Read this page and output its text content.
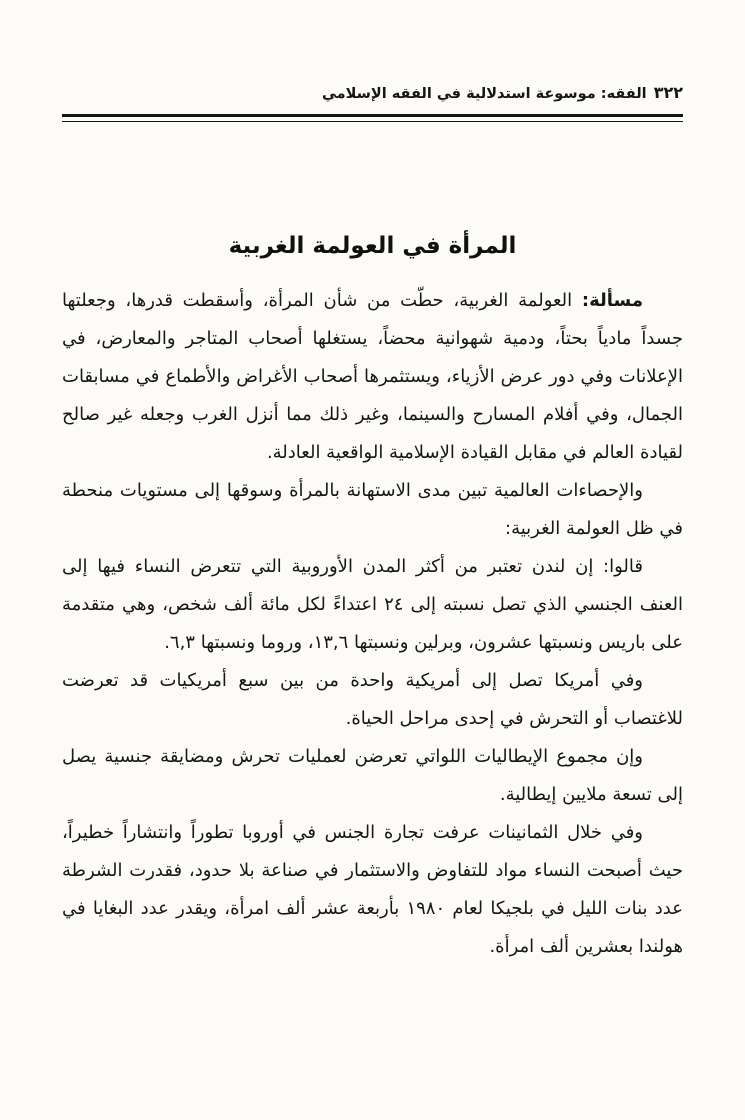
٣٢٢
الفقه: موسوعة استدلالية في الفقه الإسلامي
المرأة في العولمة الغربية

مسألة: العولمة الغربية، حطّت من شأن المرأة، وأسقطت قدرها، وجعلتها جسداً مادياً بحتاً، ودمية شهوانية محضاً، يستغلها أصحاب المتاجر والمعارض، في الإعلانات وفي دور عرض الأزياء، ويستثمرها أصحاب الأغراض والأطماع في مسابقات الجمال، وفي أفلام المسارح والسينما، وغير ذلك مما أنزل الغرب وجعله غير صالح لقيادة العالم في مقابل القيادة الإسلامية الواقعية العادلة.

والإحصاءات العالمية تبين مدى الاستهانة بالمرأة وسوقها إلى مستويات منحطة في ظل العولمة الغربية:

قالوا: إن لندن تعتبر من أكثر المدن الأوروبية التي تتعرض النساء فيها إلى العنف الجنسي الذي تصل نسبته إلى ٢٤ اعتداءً لكل مائة ألف شخص، وهي متقدمة على باريس ونسبتها عشرون، وبرلين ونسبتها ١٣,٦، وروما ونسبتها ٦,٣.

وفي أمريكا تصل إلى أمريكية واحدة من بين سبع أمريكيات قد تعرضت للاغتصاب أو التحرش في إحدى مراحل الحياة.

وإن مجموع الإيطاليات اللواتي تعرضن لعمليات تحرش ومضايقة جنسية يصل إلى تسعة ملايين إيطالية.

وفي خلال الثمانينات عرفت تجارة الجنس في أوروبا تطوراً وانتشاراً خطيراً، حيث أصبحت النساء مواد للتفاوض والاستثمار في صناعة بلا حدود، فقدرت الشرطة عدد بنات الليل في بلجيكا لعام ١٩٨٠ بأربعة عشر ألف امرأة، ويقدر عدد البغايا في هولندا بعشرين ألف امرأة.
